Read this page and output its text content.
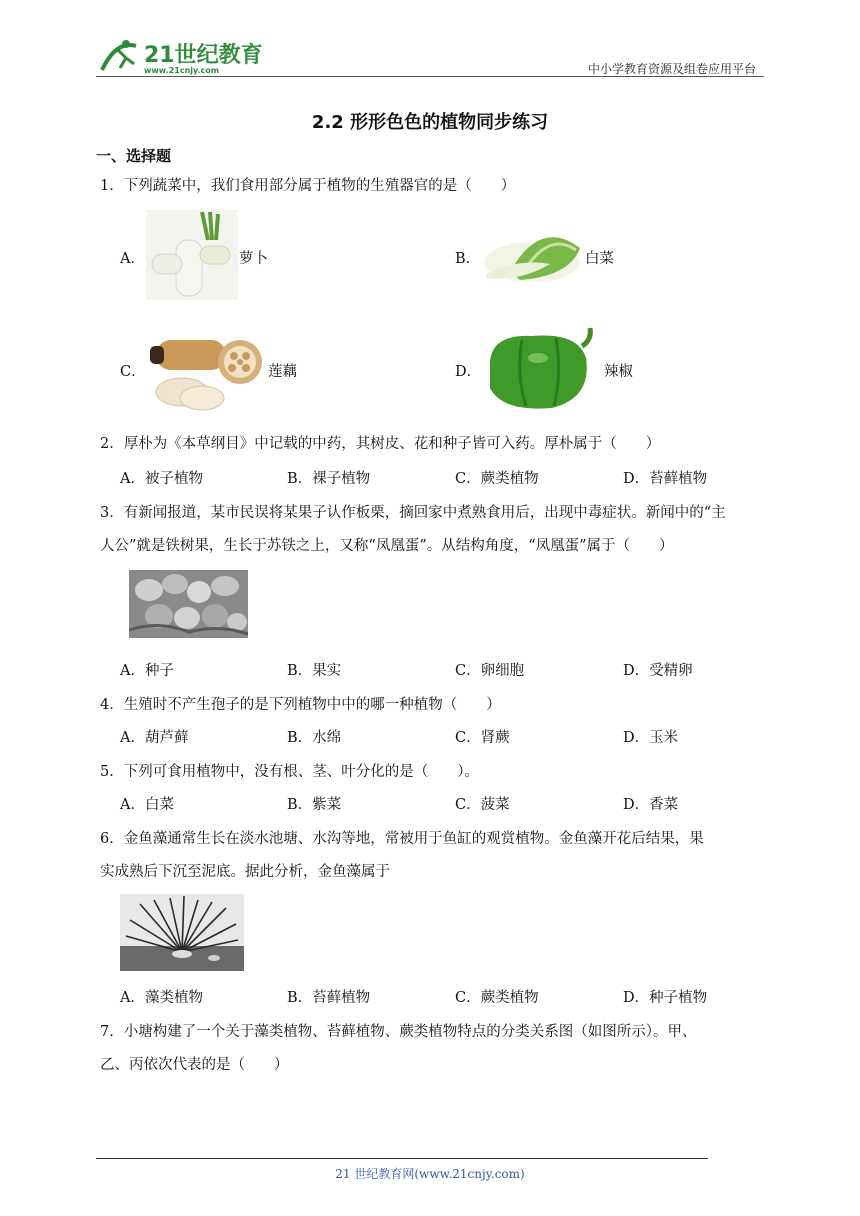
21世纪教育
www.21cnjy.com	中小学教育资源及组卷应用平台
2.2 形形色色的植物同步练习
一、选择题
1．下列蔬菜中，我们食用部分属于植物的生殖器官的是（　　）
A．	萝卜	B．	白菜
C．	莲藕	D．	辣椒
2．厚朴为《本草纲目》中记载的中药，其树皮、花和种子皆可入药。厚朴属于（　　）
A．被子植物	B．裸子植物	C．蕨类植物	D．苔藓植物
3．有新闻报道，某市民误将某果子认作板栗，摘回家中煮熟食用后，出现中毒症状。新闻中的“主
人公”就是铁树果，生长于苏铁之上，又称“凤凰蛋”。从结构角度，“凤凰蛋”属于（　　）
A．种子	B．果实	C．卵细胞	D．受精卵
4．生殖时不产生孢子的是下列植物中中的哪一种植物（　　）
A．葫芦藓	B．水绵	C．肾蕨	D．玉米
5．下列可食用植物中，没有根、茎、叶分化的是（　　）。
A．白菜	B．紫菜	C．菠菜	D．香菜
6．金鱼藻通常生长在淡水池塘、水沟等地，常被用于鱼缸的观赏植物。金鱼藻开花后结果，果
实成熟后下沉至泥底。据此分析，金鱼藻属于
A．藻类植物	B．苔藓植物	C．蕨类植物	D．种子植物
7．小塘构建了一个关于藻类植物、苔藓植物、蕨类植物特点的分类关系图（如图所示）。甲、
乙、丙依次代表的是（　　）
21 世纪教育网(www.21cnjy.com)
